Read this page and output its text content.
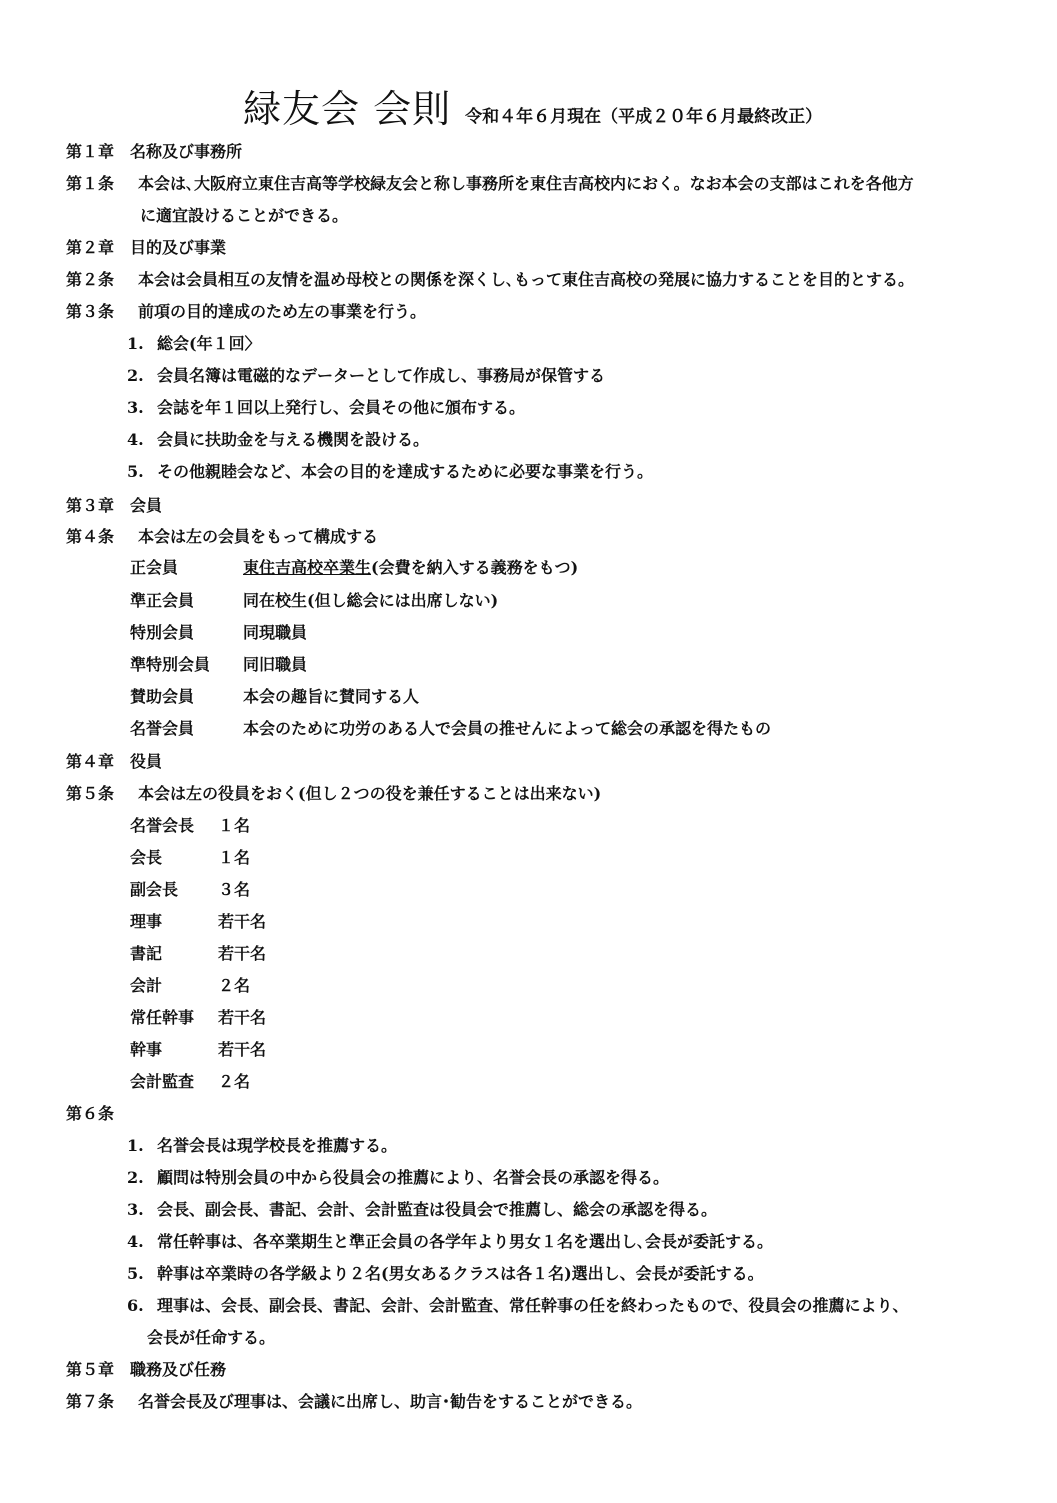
緑友会 会則 令和４年６月現在（平成２０年６月最終改正）
第１章　名称及び事務所
第１条 本会は､大阪府立東住吉高等学校緑友会と称し事務所を東住吉高校内におく。なお本会の支部はこれを各他方
に適宜設けることができる。
第２章　目的及び事業
第２条 本会は会員相互の友情を温め母校との関係を深くし､もって東住吉高校の発展に協力することを目的とする。
第３条 前項の目的達成のため左の事業を行う。
1. 総会(年１回〉
2. 会員名簿は電磁的なデーターとして作成し、事務局が保管する
3. 会誌を年１回以上発行し、会員その他に頒布する。
4. 会員に扶助金を与える機関を設ける。
5. その他親睦会など、本会の目的を達成するために必要な事業を行う。
第３章　会員
第４条 本会は左の会員をもって構成する
正会員	東住吉高校卒業生(会費を納入する義務をもつ)
準正会員	同在校生(但し総会には出席しない)
特別会員	同現職員
準特別会員 同旧職員
賛助会員	本会の趣旨に賛同する人
名誉会員	本会のために功労のある人で会員の推せんによって総会の承認を得たもの
第４章　役員
第５条 本会は左の役員をおく(但し２つの役を兼任することは出来ない)
名誉会長 １名
会長	１名
副会長 ３名
理事	若干名
書記	若干名
会計	２名
常任幹事 若干名
幹事	若干名
会計監査 ２名
第６条
1. 名誉会長は現学校長を推薦する。
2. 顧問は特別会員の中から役員会の推薦により、名誉会長の承認を得る。
3. 会長、副会長、書記、会計、会計監査は役員会で推薦し、総会の承認を得る。
4. 常任幹事は、各卒業期生と準正会員の各学年より男女１名を選出し､会長が委託する。
5. 幹事は卒業時の各学級より２名(男女あるクラスは各１名)選出し、会長が委託する。
6. 理事は、会長、副会長、書記、会計、会計監査、常任幹事の任を終わったもので、役員会の推薦により、
会長が任命する。
第５章　職務及び任務
第７条 名誉会長及び理事は、会議に出席し、助言･勧告をすることができる。
